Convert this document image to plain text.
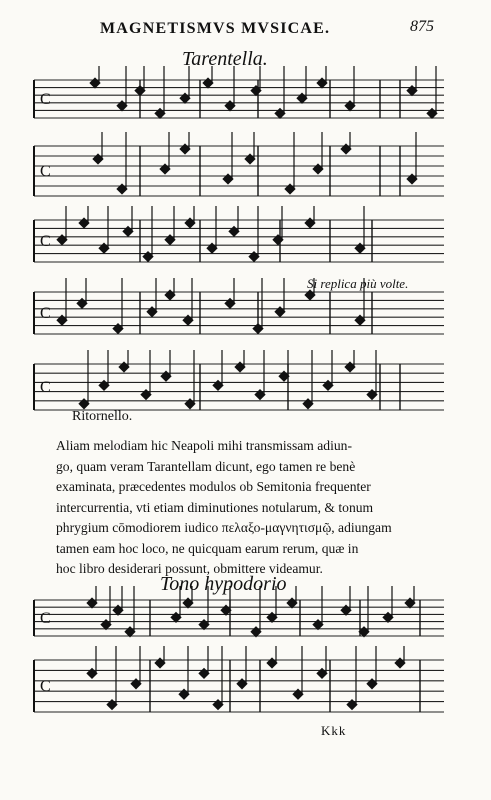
MAGNETISMVS MVSICAE.	875
Tarentella.
C
C
C
C
C
C
C
Si replica più volte.
Ritornello.
Aliam melodiam hic Neapoli mihi transmissam adiun-
go, quam veram Tarantellam dicunt, ego tamen re benè
examinata, præcedentes modulos ob Semitonia frequenter
intercurrentia, vti etiam diminutiones notularum, & tonum
phrygium cōmodiorem iudico πελαξο-μαγνητισμῷ, adiungam
tamen eam hoc loco, ne quicquam earum rerum, quæ in
hoc libro desiderari possunt, obmittere videamur.
Tono hypodorio
Kkk
